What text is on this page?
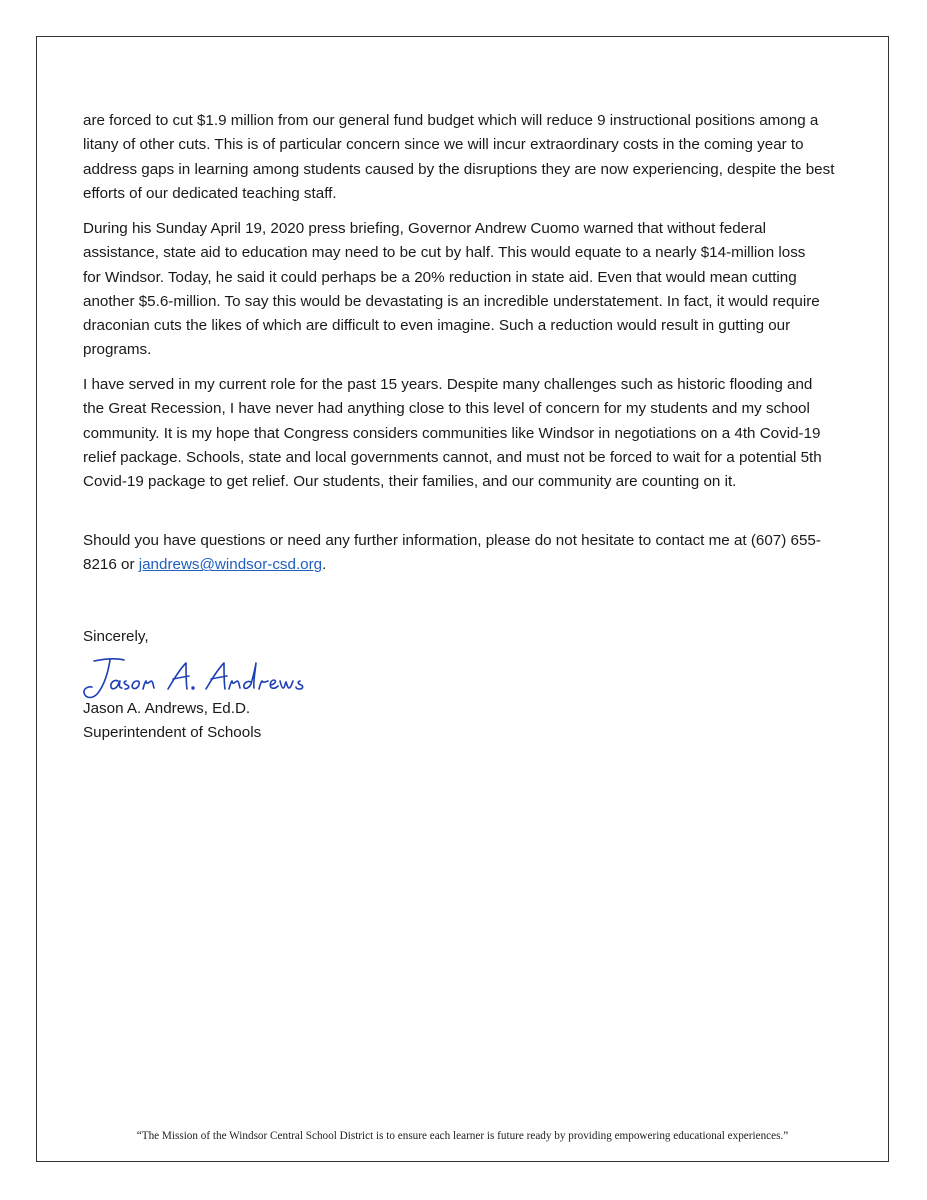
are forced to cut $1.9 million from our general fund budget which will reduce 9 instructional positions among a litany of other cuts. This is of particular concern since we will incur extraordinary costs in the coming year to address gaps in learning among students caused by the disruptions they are now experiencing, despite the best efforts of our dedicated teaching staff.

During his Sunday April 19, 2020 press briefing, Governor Andrew Cuomo warned that without federal assistance, state aid to education may need to be cut by half. This would equate to a nearly $14-million loss for Windsor. Today, he said it could perhaps be a 20% reduction in state aid. Even that would mean cutting another $5.6-million. To say this would be devastating is an incredible understatement. In fact, it would require draconian cuts the likes of which are difficult to even imagine. Such a reduction would result in gutting our programs.

I have served in my current role for the past 15 years. Despite many challenges such as historic flooding and the Great Recession, I have never had anything close to this level of concern for my students and my school community. It is my hope that Congress considers communities like Windsor in negotiations on a 4th Covid-19 relief package. Schools, state and local governments cannot, and must not be forced to wait for a potential 5th Covid-19 package to get relief. Our students, their families, and our community are counting on it.

Should you have questions or need any further information, please do not hesitate to contact me at (607) 655-8216 or jandrews@windsor-csd.org.

Sincerely,

Jason A. Andrews, Ed.D.

Superintendent of Schools

“The Mission of the Windsor Central School District is to ensure each learner is future ready by providing empowering educational experiences.”
